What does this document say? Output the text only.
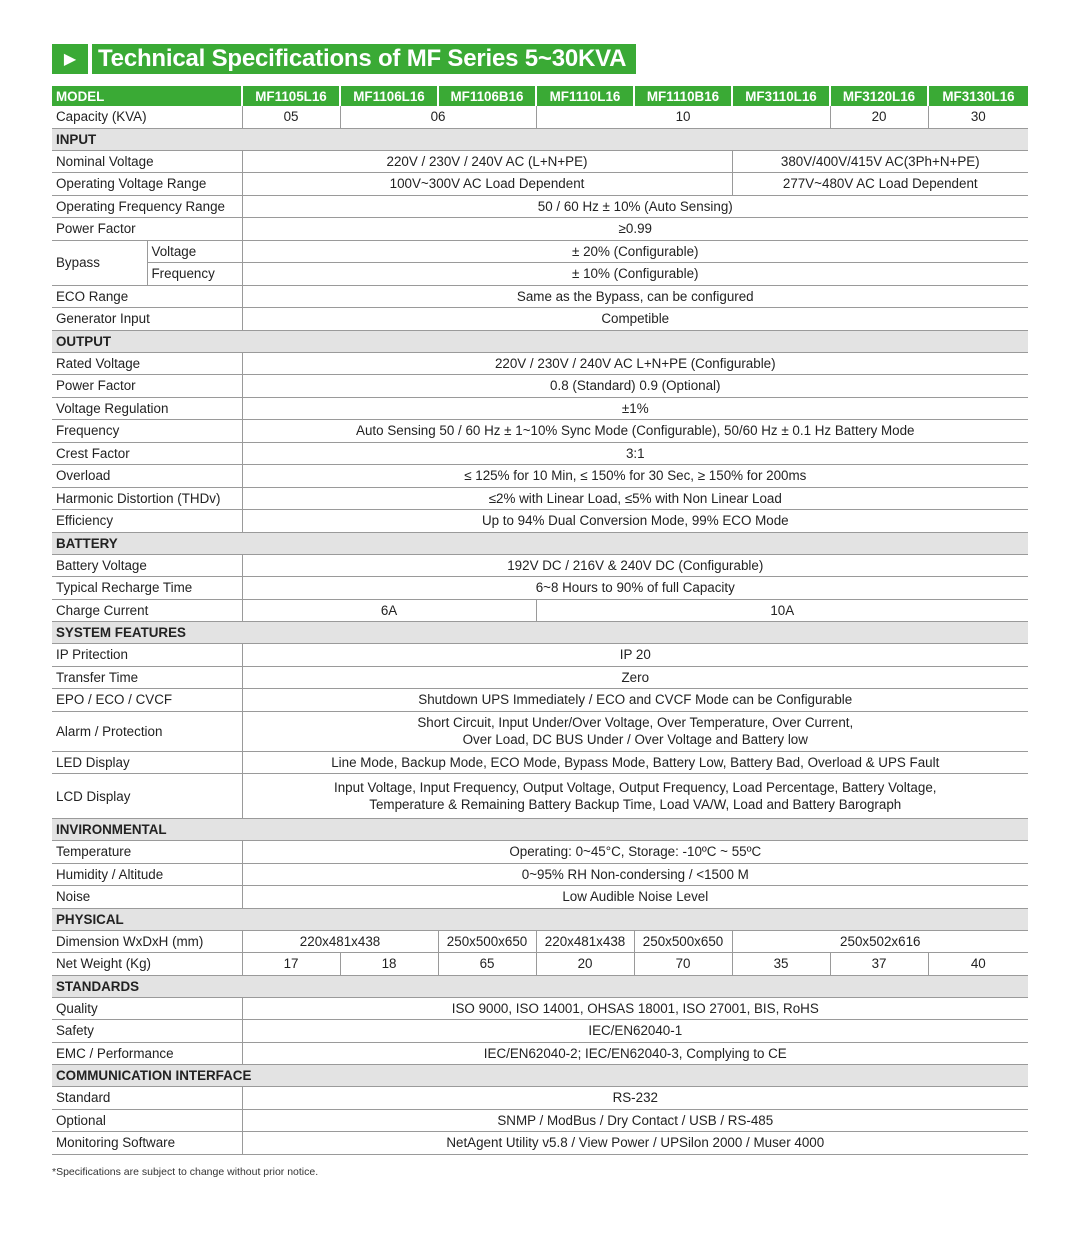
▶ Technical Specifications of MF Series 5~30KVA
MODEL		MF1105L16	MF1106L16	MF1106B16	MF1110L16	MF1110B16	MF3110L16	MF3120L16	MF3130L16
Capacity (KVA)		05	06		10			20	30
INPUT									
Nominal Voltage		220V / 230V / 240V AC (L+N+PE)					380V/400V/415V AC(3Ph+N+PE)		
Operating Voltage Range		100V~300V AC Load Dependent					277V~480V AC Load Dependent		
Operating Frequency Range		50 / 60 Hz ± 10% (Auto Sensing)							
Power Factor		≥0.99							
Bypass	Voltage	± 20% (Configurable)							
	Frequency	± 10% (Configurable)							
ECO Range		Same as the Bypass, can be configured							
Generator Input		Competible							
OUTPUT									
Rated Voltage		220V / 230V / 240V AC L+N+PE (Configurable)							
Power Factor		0.8 (Standard) 0.9 (Optional)							
Voltage Regulation		±1%							
Frequency		Auto Sensing 50 / 60 Hz ± 1~10% Sync Mode (Configurable), 50/60 Hz ± 0.1 Hz Battery Mode							
Crest Factor		3:1							
Overload		≤ 125% for 10 Min, ≤ 150% for 30 Sec, ≥ 150% for 200ms							
Harmonic Distortion (THDv)		≤2% with Linear Load, ≤5% with Non Linear Load							
Efficiency		Up to 94% Dual Conversion Mode, 99% ECO Mode							
BATTERY									
Battery Voltage		192V DC / 216V & 240V DC (Configurable)							
Typical Recharge Time		6~8 Hours to 90% of full Capacity							
Charge Current		6A			10A				
SYSTEM FEATURES									
IP Pritection		IP 20							
Transfer Time		Zero							
EPO / ECO / CVCF		Shutdown UPS Immediately / ECO and CVCF Mode can be Configurable							
Alarm / Protection		Short Circuit, Input Under/Over Voltage, Over Temperature, Over Current,
Over Load, DC BUS Under / Over Voltage and Battery low							

LED Display		Line Mode, Backup Mode, ECO Mode, Bypass Mode, Battery Low, Battery Bad, Overload & UPS Fault							
LCD Display		Input Voltage, Input Frequency, Output Voltage, Output Frequency, Load Percentage, Battery Voltage,
Temperature & Remaining Battery Backup Time, Load VA/W, Load and Battery Barograph							

INVIRONMENTAL									
Temperature		Operating: 0~45°C, Storage: -10ºC ~ 55ºC							
Humidity / Altitude		0~95% RH Non-condersing / <1500 M							
Noise		Low Audible Noise Level							
PHYSICAL									
Dimension WxDxH (mm)		220x481x438		250x500x650	220x481x438	250x500x650	250x502x616		
Net Weight (Kg)		17	18	65	20	70	35	37	40
STANDARDS									
Quality		ISO 9000, ISO 14001, OHSAS 18001, ISO 27001, BIS, RoHS							
Safety		IEC/EN62040-1							
EMC / Performance		IEC/EN62040-2; IEC/EN62040-3, Complying to CE							
COMMUNICATION INTERFACE									
Standard		RS-232							
Optional		SNMP / ModBus / Dry Contact / USB / RS-485							
Monitoring Software		NetAgent Utility v5.8 / View Power / UPSilon 2000 / Muser 4000							
*Specifications are subject to change without prior notice.
